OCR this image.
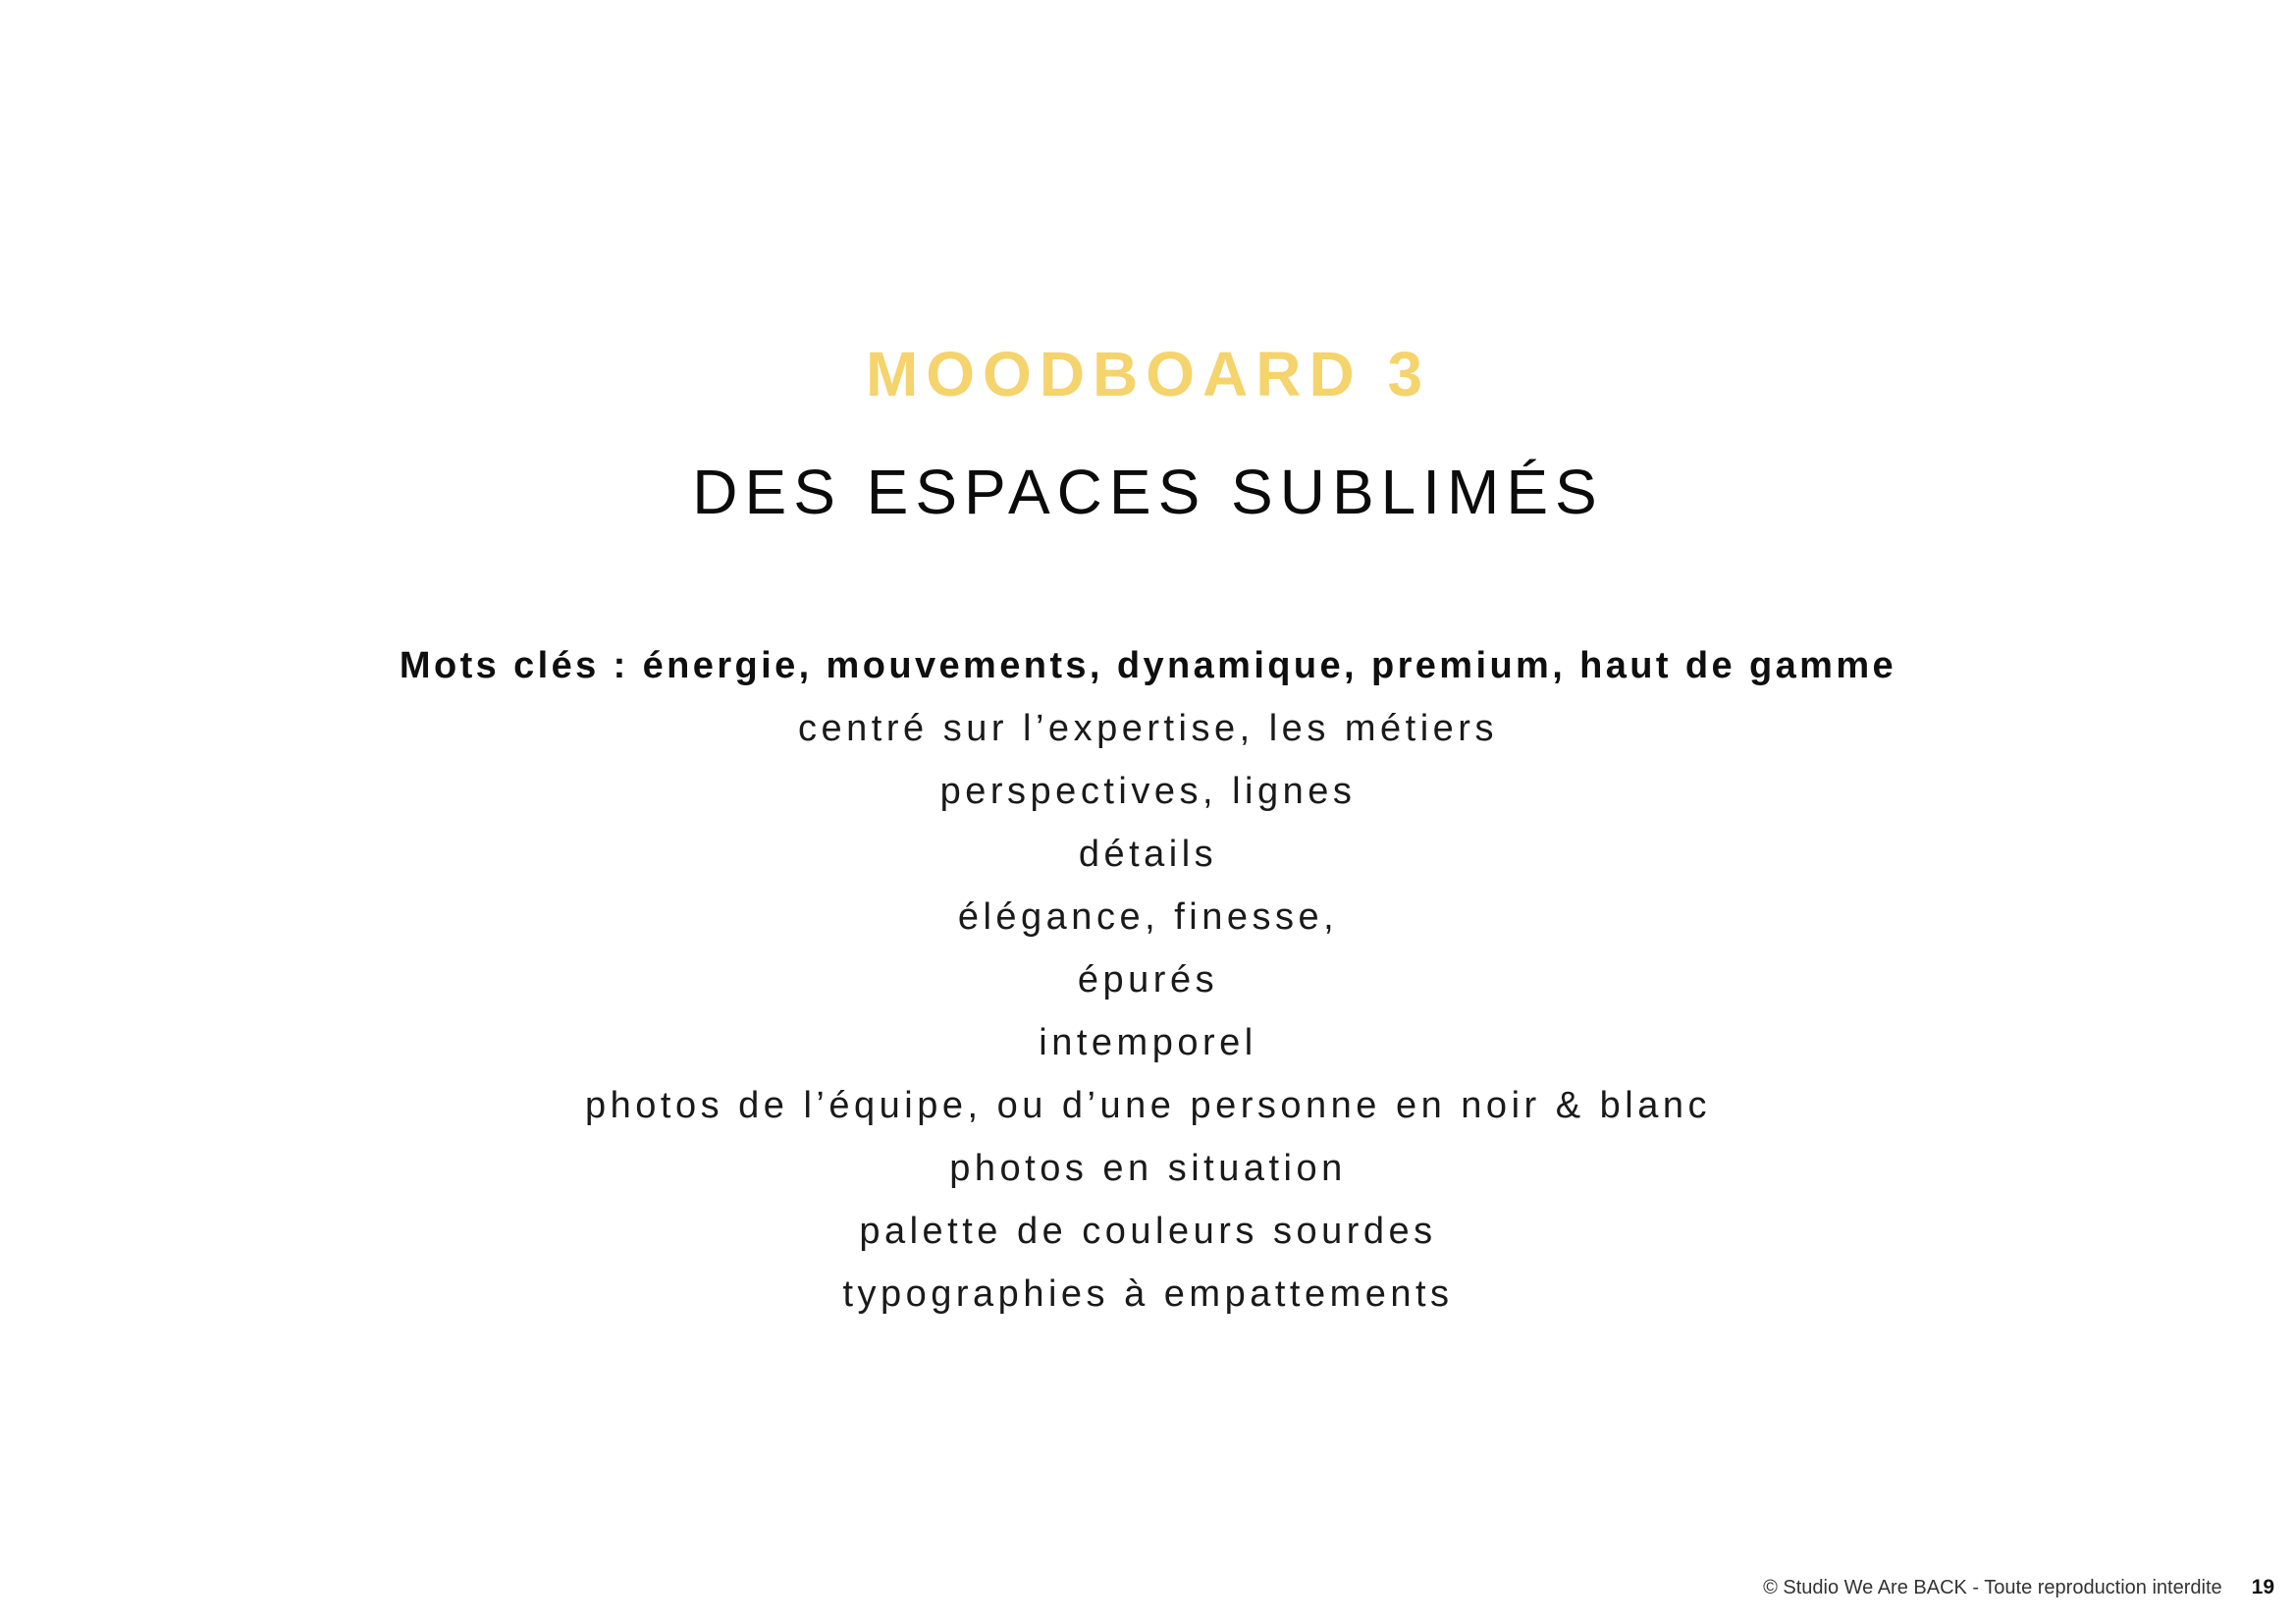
MOODBOARD 3
DES ESPACES SUBLIMÉS
Mots clés : énergie, mouvements, dynamique, premium, haut de gamme
centré sur l’expertise, les métiers
perspectives, lignes
détails
élégance, finesse,
épurés
intemporel
photos de l’équipe, ou d’une personne en noir & blanc
photos en situation
palette de couleurs sourdes
typographies à empattements
© Studio We Are BACK - Toute reproduction interdite 19
